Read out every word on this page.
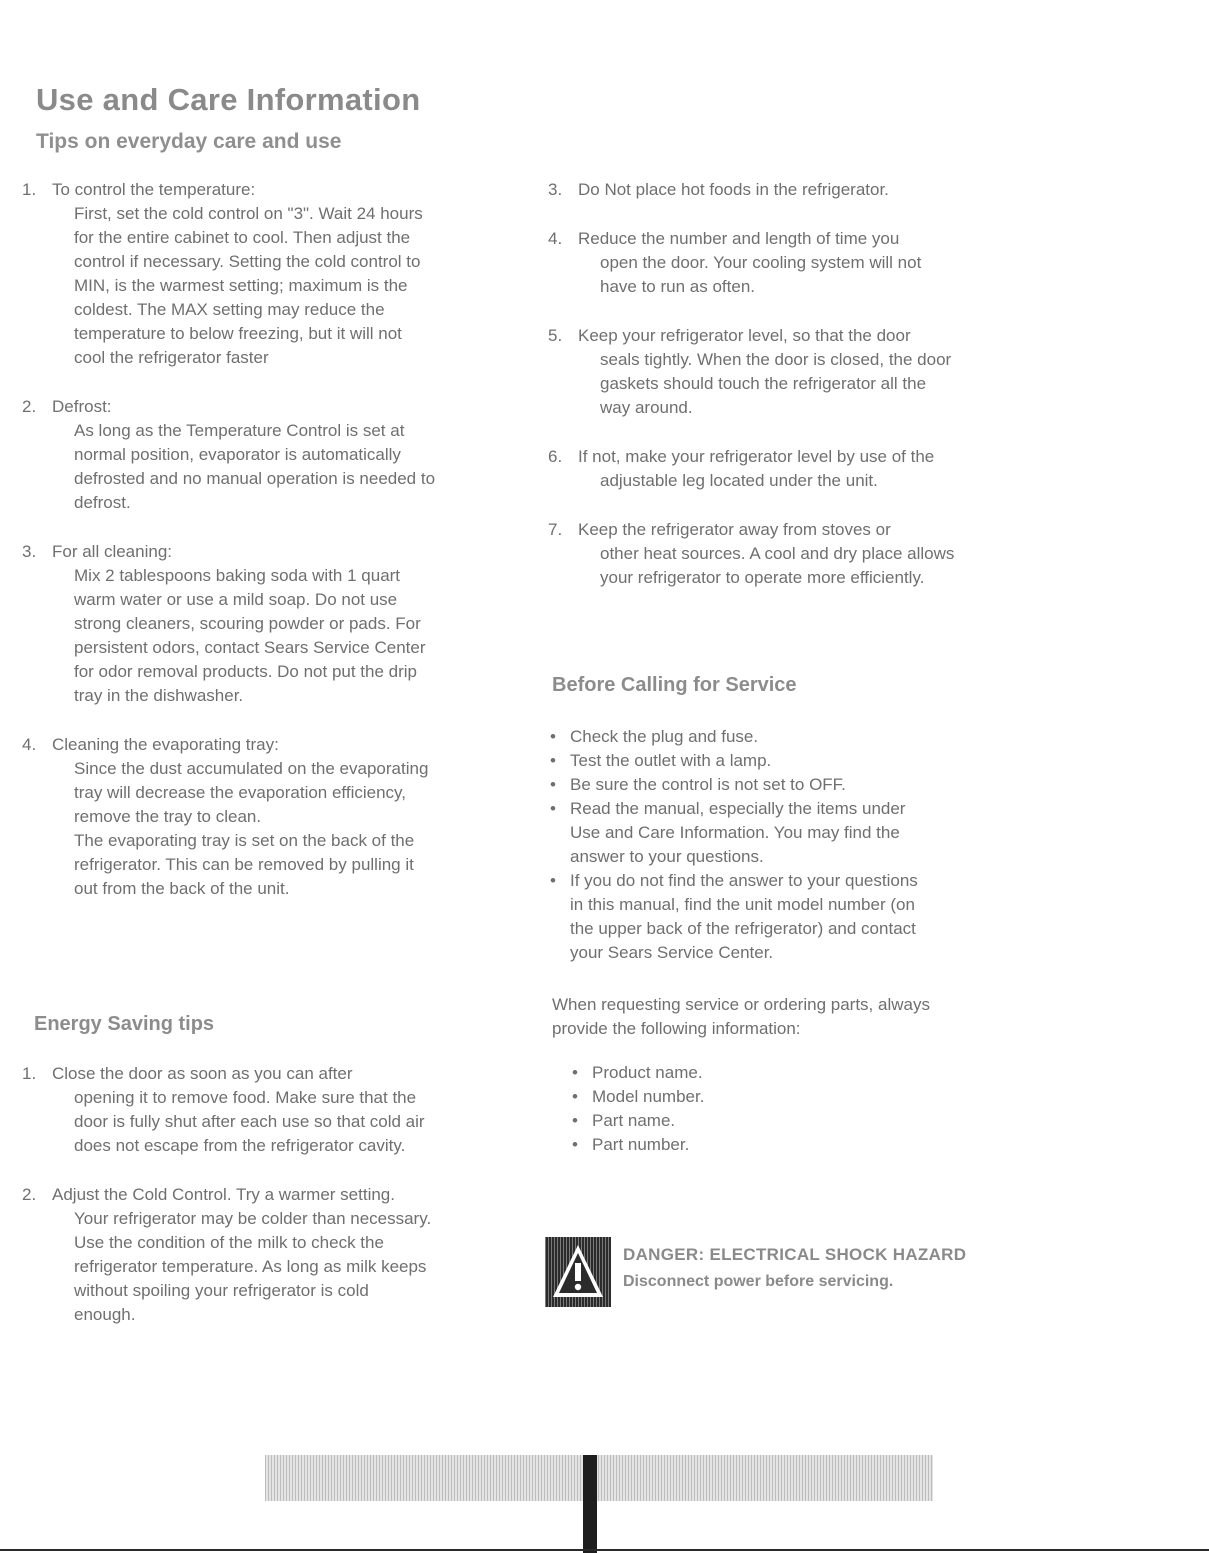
Use and Care Information
Tips on everyday care and use
1. To control the temperature:
First, set the cold control on "3". Wait 24 hours
for the entire cabinet to cool. Then adjust the
control if necessary. Setting the cold control to
MIN, is the warmest setting; maximum is the
coldest. The MAX setting may reduce the
temperature to below freezing, but it will not
cool the refrigerator faster
2. Defrost:
As long as the Temperature Control is set at
normal position, evaporator is automatically
defrosted and no manual operation is needed to
defrost.
3. For all cleaning:
Mix 2 tablespoons baking soda with 1 quart
warm water or use a mild soap. Do not use
strong cleaners, scouring powder or pads. For
persistent odors, contact Sears Service Center
for odor removal products. Do not put the drip
tray in the dishwasher.
4. Cleaning the evaporating tray:
Since the dust accumulated on the evaporating
tray will decrease the evaporation efficiency,
remove the tray to clean.
The evaporating tray is set on the back of the
refrigerator. This can be removed by pulling it
out from the back of the unit.
Energy Saving tips
1. Close the door as soon as you can after
opening it to remove food. Make sure that the
door is fully shut after each use so that cold air
does not escape from the refrigerator cavity.
2. Adjust the Cold Control. Try a warmer setting.
Your refrigerator may be colder than necessary.
Use the condition of the milk to check the
refrigerator temperature. As long as milk keeps
without spoiling your refrigerator is cold
enough.
3. Do Not place hot foods in the refrigerator.
4. Reduce the number and length of time you
open the door. Your cooling system will not
have to run as often.
5. Keep your refrigerator level, so that the door
seals tightly. When the door is closed, the door
gaskets should touch the refrigerator all the
way around.
6. If not, make your refrigerator level by use of the
adjustable leg located under the unit.
7. Keep the refrigerator away from stoves or
other heat sources. A cool and dry place allows
your refrigerator to operate more efficiently.
Before Calling for Service
• Check the plug and fuse.
• Test the outlet with a lamp.
• Be sure the control is not set to OFF.
• Read the manual, especially the items under
Use and Care Information. You may find the
answer to your questions.
• If you do not find the answer to your questions
in this manual, find the unit model number (on
the upper back of the refrigerator) and contact
your Sears Service Center.

When requesting service or ordering parts, always
provide the following information:

• Product name.
• Model number.
• Part name.
• Part number.
DANGER: ELECTRICAL SHOCK HAZARD
Disconnect power before servicing.
